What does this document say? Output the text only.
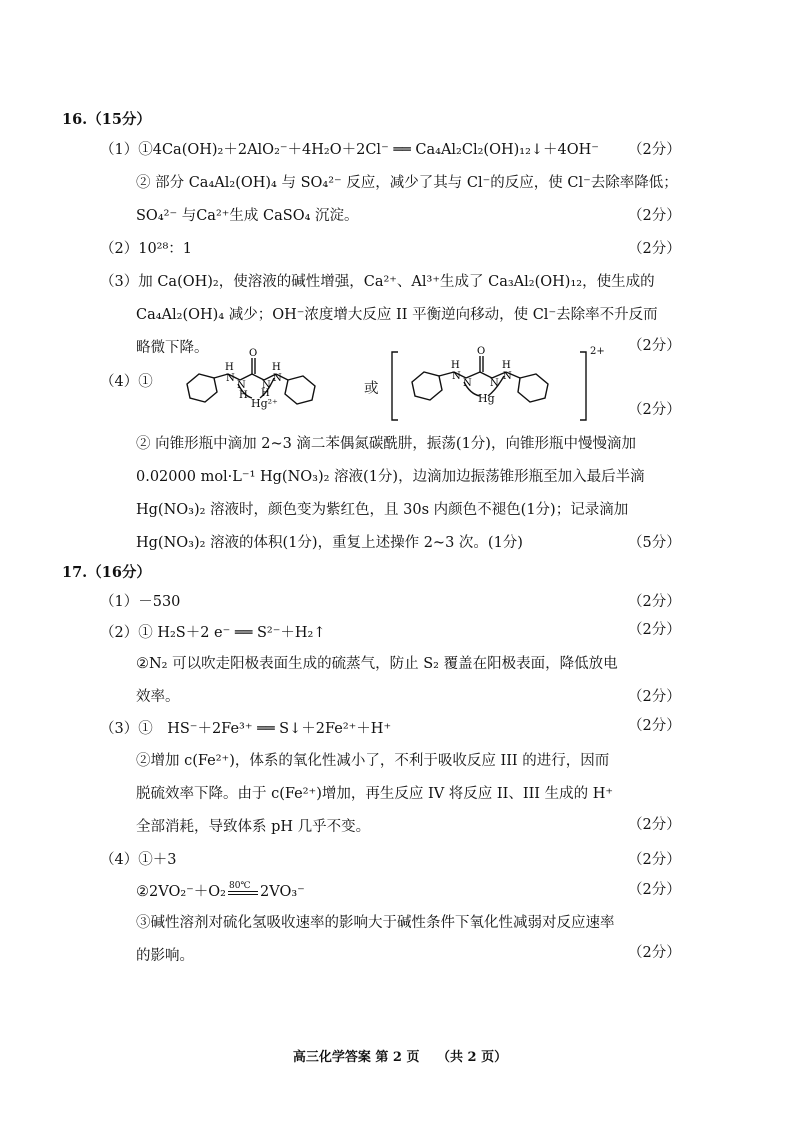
16.（15分）
（1）①4Ca(OH)₂＋2AlO₂⁻＋4H₂O＋2Cl⁻ ══ Ca₄Al₂Cl₂(OH)₁₂↓＋4OH⁻ （2分）
② 部分 Ca₄Al₂(OH)₄ 与 SO₄²⁻ 反应，减少了其与 Cl⁻的反应，使 Cl⁻去除率降低；
SO₄²⁻ 与Ca²⁺生成 CaSO₄ 沉淀。	（2分）
（2）10²⁸：1	（2分）
（3）加 Ca(OH)₂，使溶液的碱性增强，Ca²⁺、Al³⁺生成了 Ca₃Al₂(OH)₁₂，使生成的
Ca₄Al₂(OH)₄ 减少；OH⁻浓度增大反应 II 平衡逆向移动，使 Cl⁻去除率不升反而
略微下降。	（2分）
（4）①
H
N
N
H
O
H
N
N
H
Hg²⁺
或
H
N
N
H
N
N
O
Hg
2+
（2分）
② 向锥形瓶中滴加 2~3 滴二苯偶氮碳酰肼，振荡(1分)，向锥形瓶中慢慢滴加
0.02000 mol·L⁻¹ Hg(NO₃)₂ 溶液(1分)，边滴加边振荡锥形瓶至加入最后半滴
Hg(NO₃)₂ 溶液时，颜色变为紫红色，且 30s 内颜色不褪色(1分)；记录滴加
Hg(NO₃)₂ 溶液的体积(1分)，重复上述操作 2~3 次。(1分)	（5分）
17.（16分）
（1）－530	（2分）
（2）① H₂S＋2 e⁻ ══ S²⁻＋H₂↑	（2分）
②N₂ 可以吹走阳极表面生成的硫蒸气，防止 S₂ 覆盖在阳极表面，降低放电
效率。	（2分）
（3）①　HS⁻＋2Fe³⁺ ══ S↓＋2Fe²⁺＋H⁺	（2分）
②增加 c(Fe²⁺)，体系的氧化性减小了，不利于吸收反应 III 的进行，因而
脱硫效率下降。由于 c(Fe²⁺)增加，再生反应 IV 将反应 II、III 生成的 H⁺
全部消耗，导致体系 pH 几乎不变。	（2分）
（4）①＋3	（2分）
②2VO₂⁻＋O₂ 80℃ 2VO₃⁻	（2分）
③碱性溶剂对硫化氢吸收速率的影响大于碱性条件下氧化性减弱对反应速率
的影响。	（2分）
高三化学答案 第 2 页　 （共 2 页）
